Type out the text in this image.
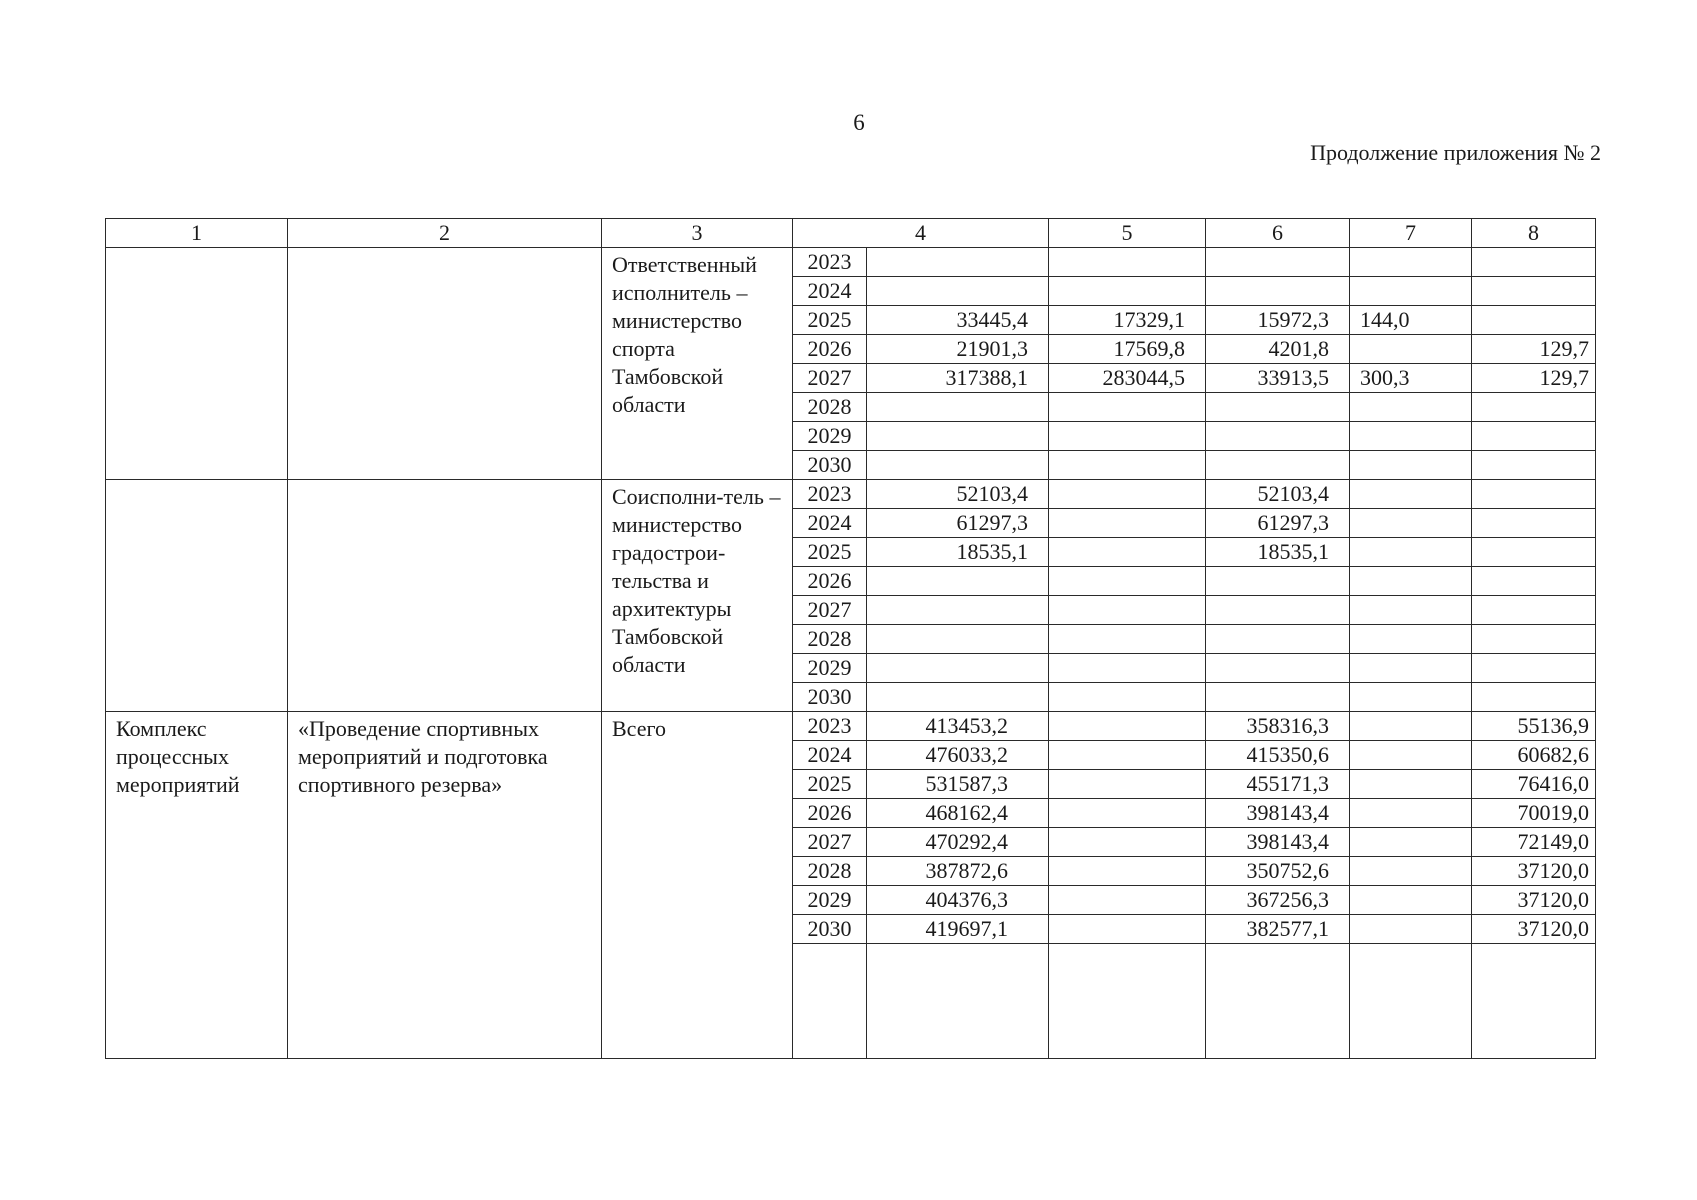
6
Продолжение приложения № 2
1	2	3	4		5	6	7	8
		Ответственный исполнитель – министерство спорта Тамбовской области	2023					
			2024					
			2025	33445,4	17329,1	15972,3	144,0	
			2026	21901,3	17569,8	4201,8		129,7
			2027	317388,1	283044,5	33913,5	300,3	129,7
			2028					
			2029					
			2030					
		Соисполни-тель – министерство градострои-тельства и архитектуры Тамбовской области	2023	52103,4		52103,4		
			2024	61297,3		61297,3		
			2025	18535,1		18535,1		
			2026					
			2027					
			2028					
			2029					
			2030					
Комплекс процессных мероприятий	«Проведение спортивных мероприятий и подготовка спортивного резерва»	Всего	2023	413453,2		358316,3		55136,9
			2024	476033,2		415350,6		60682,6
			2025	531587,3		455171,3		76416,0
			2026	468162,4		398143,4		70019,0
			2027	470292,4		398143,4		72149,0
			2028	387872,6		350752,6		37120,0
			2029	404376,3		367256,3		37120,0
			2030	419697,1		382577,1		37120,0
